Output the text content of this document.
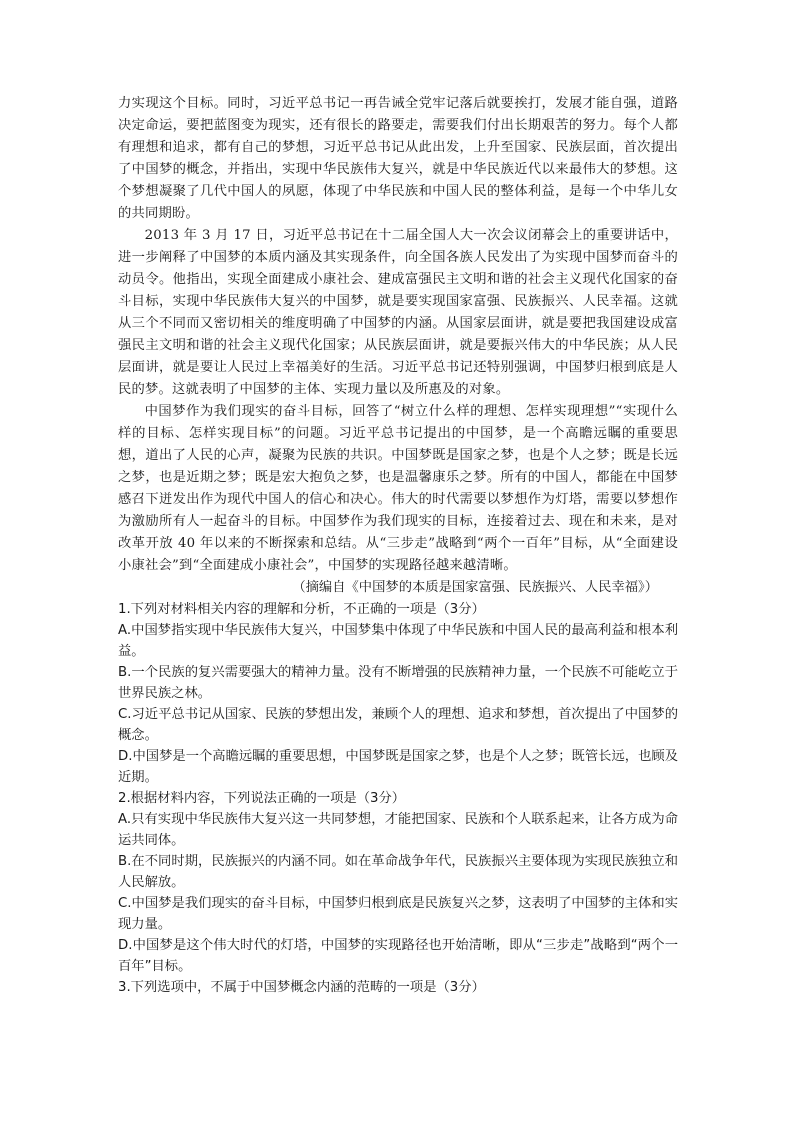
力实现这个目标。同时，习近平总书记一再告诫全党牢记落后就要挨打，发展才能自强，道路决定命运，要把蓝图变为现实，还有很长的路要走，需要我们付出长期艰苦的努力。每个人都有理想和追求，都有自己的梦想，习近平总书记从此出发，上升至国家、民族层面，首次提出了中国梦的概念，并指出，实现中华民族伟大复兴，就是中华民族近代以来最伟大的梦想。这个梦想凝聚了几代中国人的夙愿，体现了中华民族和中国人民的整体利益，是每一个中华儿女的共同期盼。

2013 年 3 月 17 日，习近平总书记在十二届全国人大一次会议闭幕会上的重要讲话中，进一步阐释了中国梦的本质内涵及其实现条件，向全国各族人民发出了为实现中国梦而奋斗的动员令。他指出，实现全面建成小康社会、建成富强民主文明和谐的社会主义现代化国家的奋斗目标，实现中华民族伟大复兴的中国梦，就是要实现国家富强、民族振兴、人民幸福。这就从三个不同而又密切相关的维度明确了中国梦的内涵。从国家层面讲，就是要把我国建设成富强民主文明和谐的社会主义现代化国家；从民族层面讲，就是要振兴伟大的中华民族；从人民层面讲，就是要让人民过上幸福美好的生活。习近平总书记还特别强调，中国梦归根到底是人民的梦。这就表明了中国梦的主体、实现力量以及所惠及的对象。

中国梦作为我们现实的奋斗目标，回答了“树立什么样的理想、怎样实现理想”“实现什么样的目标、怎样实现目标”的问题。习近平总书记提出的中国梦，是一个高瞻远瞩的重要思想，道出了人民的心声，凝聚为民族的共识。中国梦既是国家之梦，也是个人之梦；既是长远之梦，也是近期之梦；既是宏大抱负之梦，也是温馨康乐之梦。所有的中国人，都能在中国梦感召下迸发出作为现代中国人的信心和决心。伟大的时代需要以梦想作为灯塔，需要以梦想作为激励所有人一起奋斗的目标。中国梦作为我们现实的目标，连接着过去、现在和未来，是对改革开放 40 年以来的不断探索和总结。从“三步走”战略到“两个一百年”目标，从“全面建设小康社会”到“全面建成小康社会”，中国梦的实现路径越来越清晰。

（摘编自《中国梦的本质是国家富强、民族振兴、人民幸福》）

1.下列对材料相关内容的理解和分析，不正确的一项是（3分）

A.中国梦指实现中华民族伟大复兴，中国梦集中体现了中华民族和中国人民的最高利益和根本利益。

B.一个民族的复兴需要强大的精神力量。没有不断增强的民族精神力量，一个民族不可能屹立于世界民族之林。

C.习近平总书记从国家、民族的梦想出发，兼顾个人的理想、追求和梦想，首次提出了中国梦的概念。

D.中国梦是一个高瞻远瞩的重要思想，中国梦既是国家之梦，也是个人之梦；既管长远，也顾及近期。

2.根据材料内容，下列说法正确的一项是（3分）

A.只有实现中华民族伟大复兴这一共同梦想，才能把国家、民族和个人联系起来，让各方成为命运共同体。

B.在不同时期，民族振兴的内涵不同。如在革命战争年代，民族振兴主要体现为实现民族独立和人民解放。

C.中国梦是我们现实的奋斗目标，中国梦归根到底是民族复兴之梦，这表明了中国梦的主体和实现力量。

D.中国梦是这个伟大时代的灯塔，中国梦的实现路径也开始清晰，即从“三步走”战略到“两个一百年”目标。

3.下列选项中，不属于中国梦概念内涵的范畴的一项是（3分）
